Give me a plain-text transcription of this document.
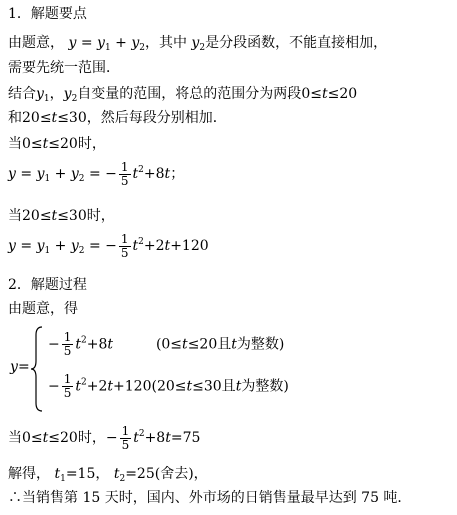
1．解题要点
由题意， $y = y_1 + y_2$，其中 $y_2$是分段函数，不能直接相加，
需要先统一范围．
结合$y_1$，$y_2$自变量的范围，将总的范围分为两段0≤t≤20
和20≤t≤30，然后每段分别相加．
当0≤t≤20时，
$y = y_1 + y_2$ = − $\frac{1}{5} t^2+8t$；
当20≤t≤30时，
$y = y_1 + y_2$ = − $\frac{1}{5} t^2+2t+120$
2．解题过程
由题意，得
y =
− $\frac{1}{5} t^2+8t$	(0≤t≤20且t为整数)
− $\frac{1}{5} t^2+2t+120(20\le t\le 30$且t为整数)
当0≤t≤20时，− $\frac{1}{5} t^2+8t=75$
解得， $t_1=15$， $t_2=25$(舍去)，
∴当销售第 15 天时，国内、外市场的日销售量最早达到 75 吨．
